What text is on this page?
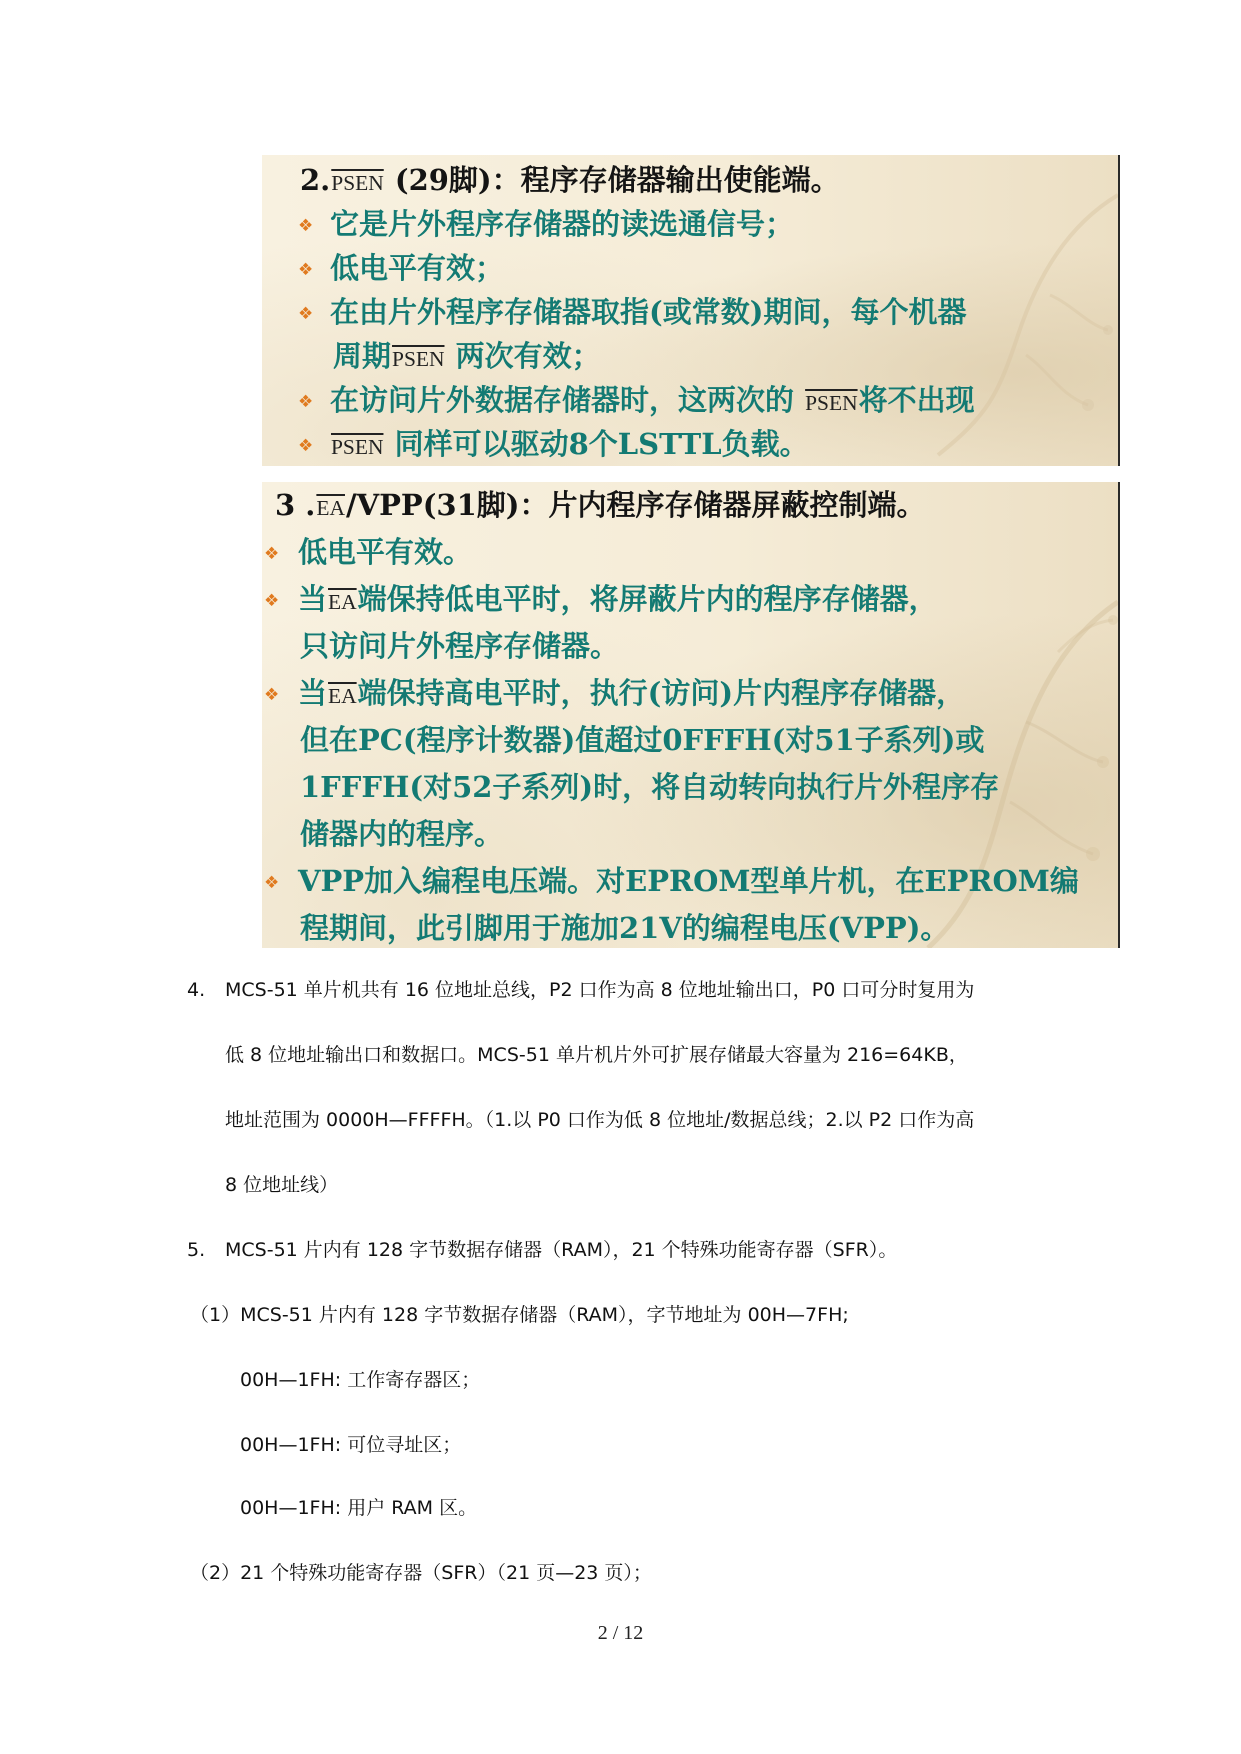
2.PSEN (29脚)：程序存储器输出使能端。
❖它是片外程序存储器的读选通信号；
❖低电平有效；
❖在由片外程序存储器取指(或常数)期间，每个机器
周期PSEN 两次有效；
❖在访问片外数据存储器时，这两次的 PSEN将不出现
❖PSEN 同样可以驱动8个LSTTL负载。
3 $.\overline{EA}/VPP(31$脚)：片内程序存储器屏蔽控制端。
❖低电平有效。
❖当$\overline{EA}$端保持低电平时，将屏蔽片内的程序存储器，
只访问片外程序存储器。
❖当$\overline{EA}$端保持高电平时，执行(访问)片内程序存储器，
但在PC(程序计数器)值超过0FFFH(对51子系列)或
1FFFH(对52子系列)时，将自动转向执行片外程序存
储器内的程序。
❖VPP加入编程电压端。对EPROM型单片机，在EPROM编
程期间，此引脚用于施加21V的编程电压(VPP)。
4. MCS-51 单片机共有 16 位地址总线，P2 口作为高 8 位地址输出口，P0 口可分时复用为
低 8 位地址输出口和数据口。MCS-51 单片机片外可扩展存储最大容量为 216=64KB，
地址范围为 0000H—FFFFH。（1.以 P0 口作为低 8 位地址/数据总线；2.以 P2 口作为高
8 位地址线）
5. MCS-51 片内有 128 字节数据存储器（RAM），21 个特殊功能寄存器（SFR）。
（1）MCS-51 片内有 128 字节数据存储器（RAM），字节地址为 00H—7FH;
00H—1FH: 工作寄存器区；
00H—1FH: 可位寻址区；
00H—1FH: 用户 RAM 区。
（2）21 个特殊功能寄存器（SFR）（21 页—23 页）；
2 / 12
